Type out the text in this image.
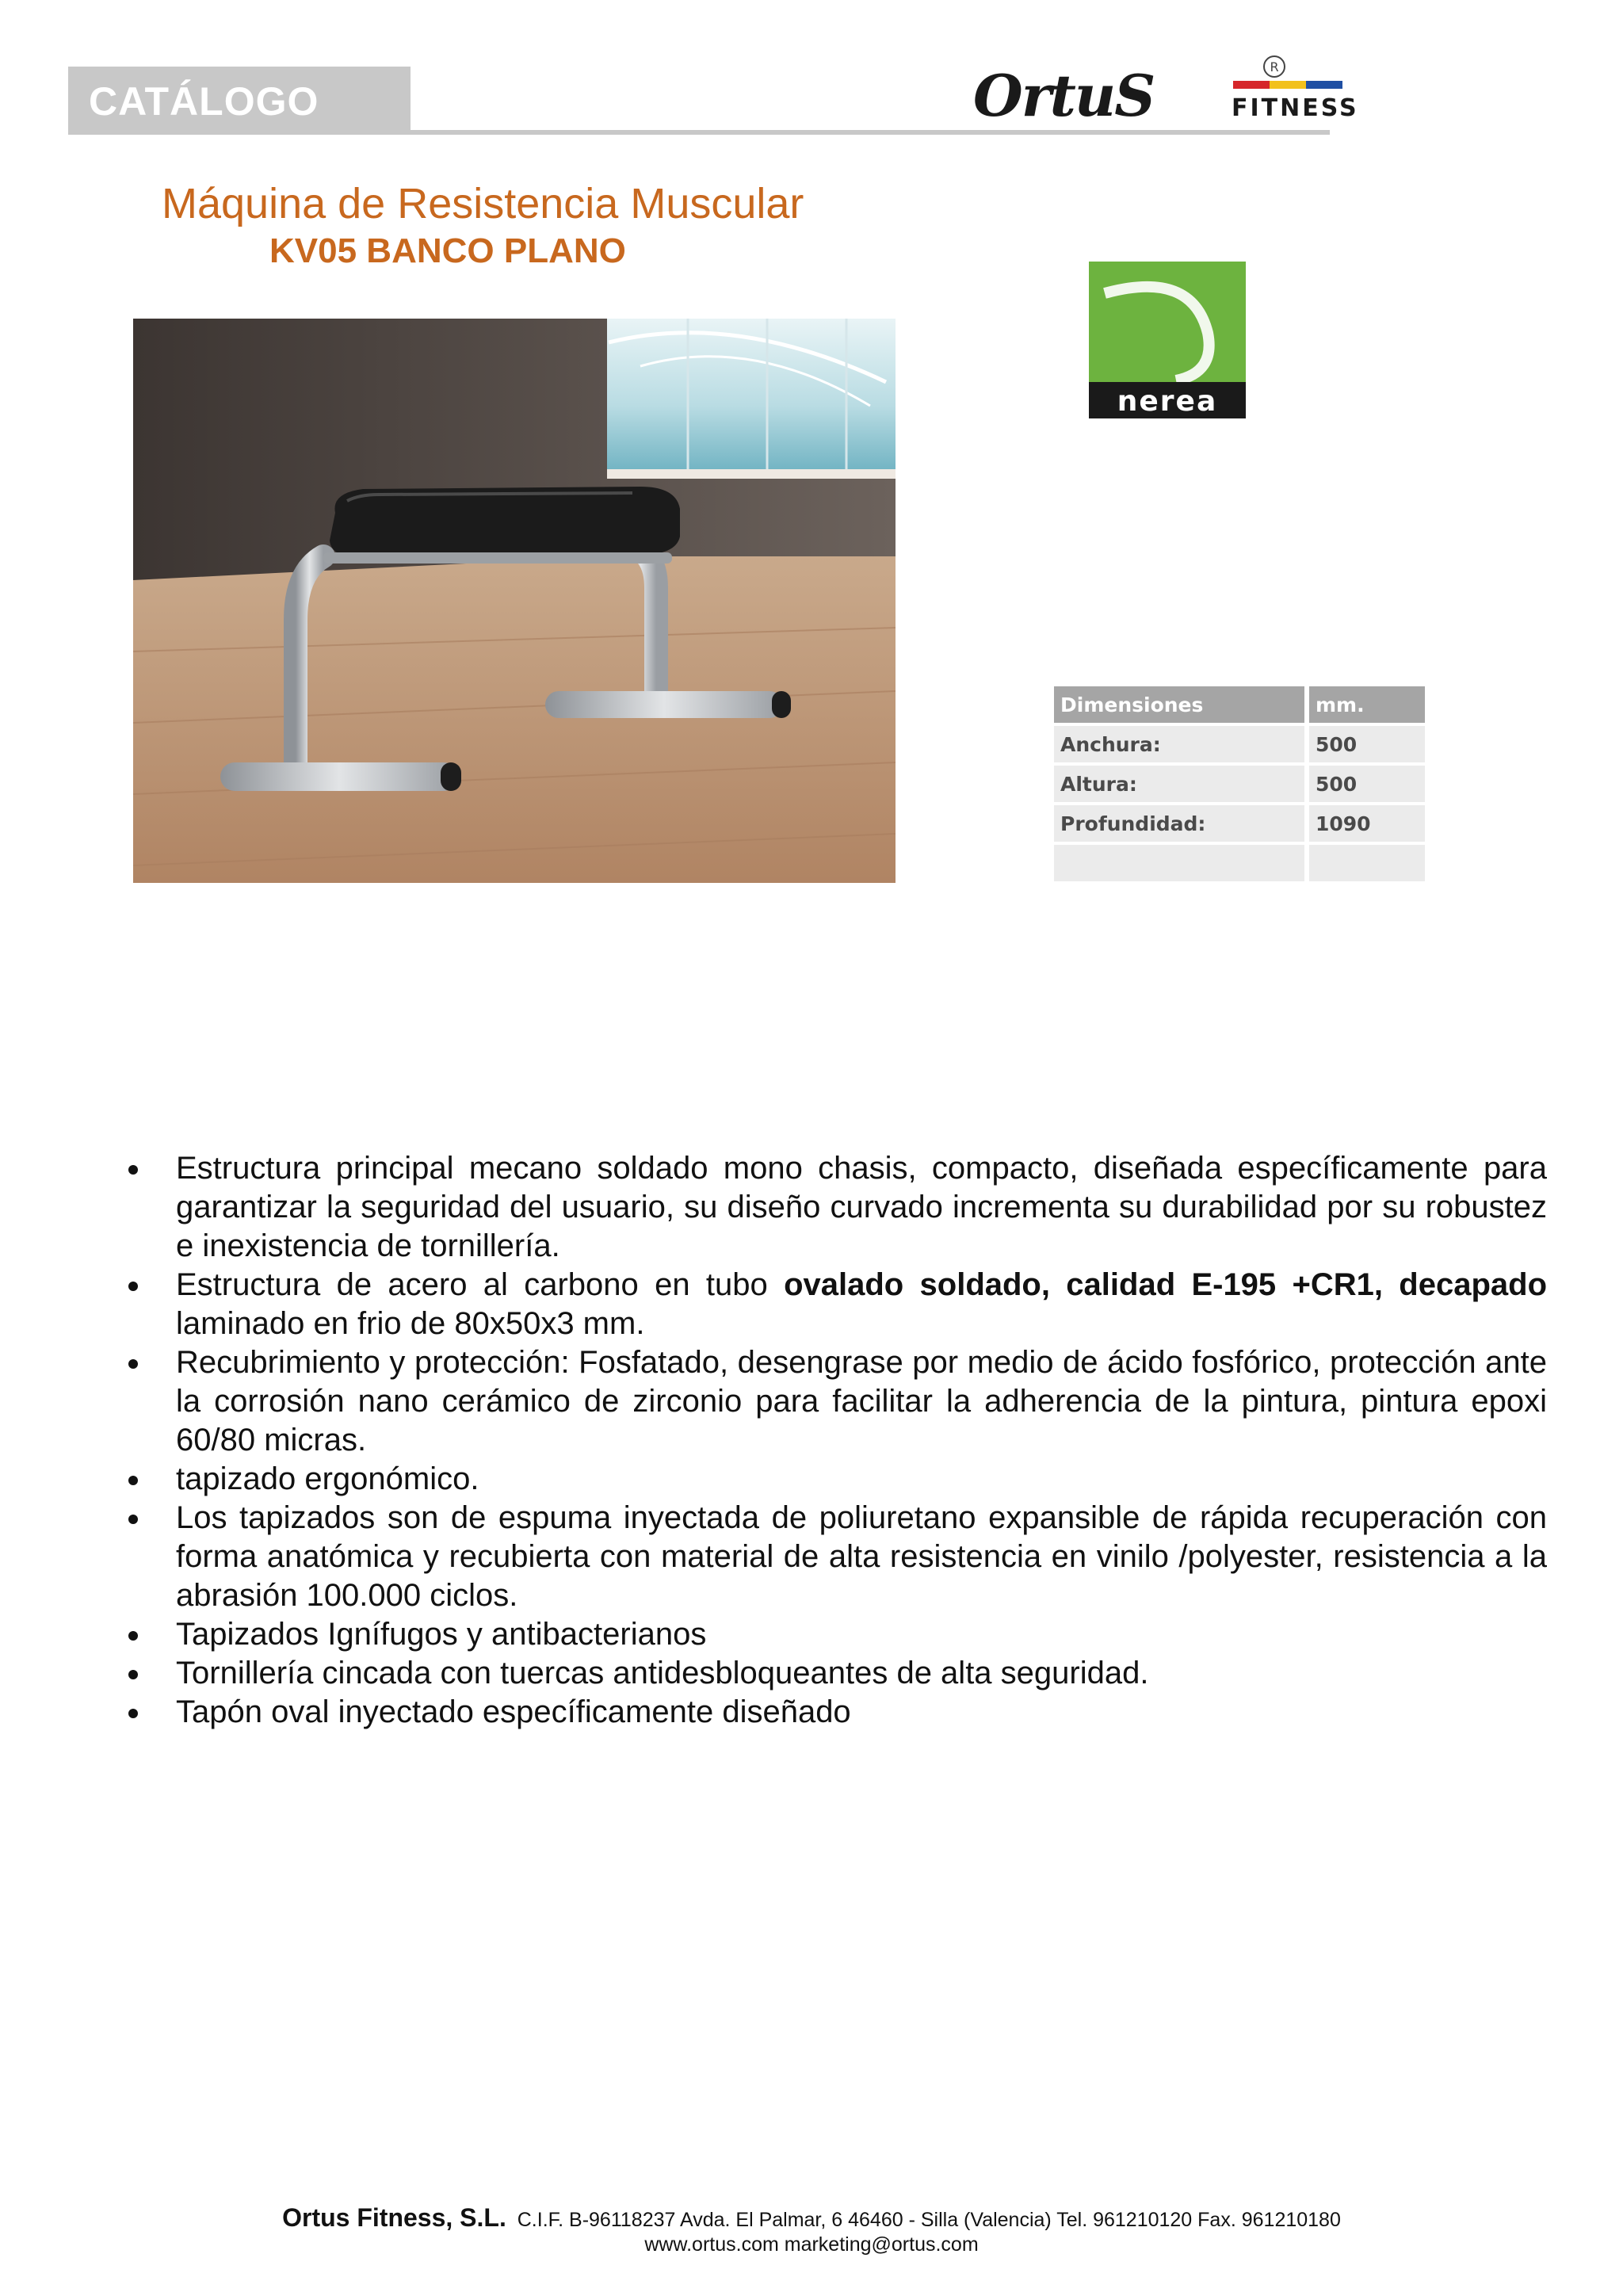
CATÁLOGO	OrtuS	R
FITNESS
Máquina de Resistencia Muscular
KV05 BANCO PLANO
nerea
Dimensiones	mm.
Anchura:	500
Altura:	500
Profundidad:	1090

Estructura principal mecano soldado mono chasis, compacto, diseñada específicamente para garantizar la seguridad del usuario, su diseño curvado incrementa su durabilidad por su robustez e inexistencia de tornillería.
Estructura de acero al carbono en tubo ovalado soldado, calidad E-195 +CR1, decapado laminado en frio de 80x50x3 mm.
Recubrimiento y protección: Fosfatado, desengrase por medio de ácido fosfórico, protección ante la corrosión nano cerámico de zirconio para facilitar la adherencia de la pintura, pintura epoxi 60/80 micras.
tapizado ergonómico.
Los tapizados son de espuma inyectada de poliuretano expansible de rápida recuperación con forma anatómica y recubierta con material de alta resistencia en vinilo /polyester, resistencia a la abrasión 100.000 ciclos.
Tapizados Ignífugos y antibacterianos
Tornillería cincada con tuercas antidesbloqueantes de alta seguridad.
Tapón oval inyectado específicamente diseñado
Ortus Fitness, S.L. C.I.F. B-96118237 Avda. El Palmar, 6 46460 - Silla (Valencia) Tel. 961210120 Fax. 961210180
www.ortus.com marketing@ortus.com
